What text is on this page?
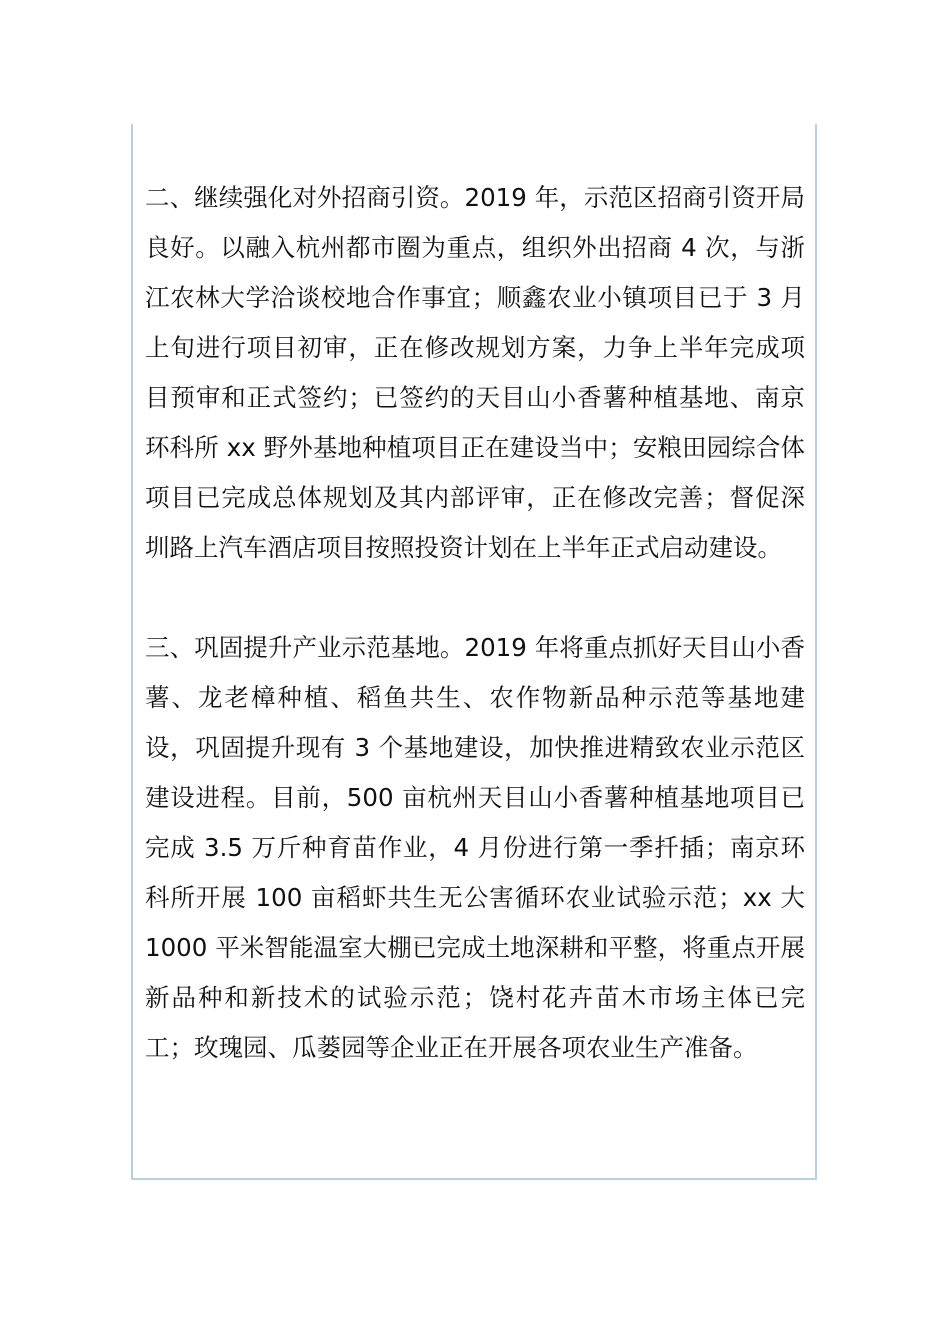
二、继续强化对外招商引资。2019 年，示范区招商引资开局良好。以融入杭州都市圈为重点，组织外出招商 4 次，与浙江农林大学洽谈校地合作事宜；顺鑫农业小镇项目已于 3 月上旬进行项目初审，正在修改规划方案，力争上半年完成项目预审和正式签约；已签约的天目山小香薯种植基地、南京环科所 xx 野外基地种植项目正在建设当中；安粮田园综合体项目已完成总体规划及其内部评审，正在修改完善；督促深圳路上汽车酒店项目按照投资计划在上半年正式启动建设。

三、巩固提升产业示范基地。2019 年将重点抓好天目山小香薯、龙老樟种植、稻鱼共生、农作物新品种示范等基地建设，巩固提升现有 3 个基地建设，加快推进精致农业示范区建设进程。目前，500 亩杭州天目山小香薯种植基地项目已完成 3.5 万斤种育苗作业，4 月份进行第一季扦插；南京环科所开展 100 亩稻虾共生无公害循环农业试验示范；xx 大 1000 平米智能温室大棚已完成土地深耕和平整，将重点开展新品种和新技术的试验示范；饶村花卉苗木市场主体已完工；玫瑰园、瓜蒌园等企业正在开展各项农业生产准备。
